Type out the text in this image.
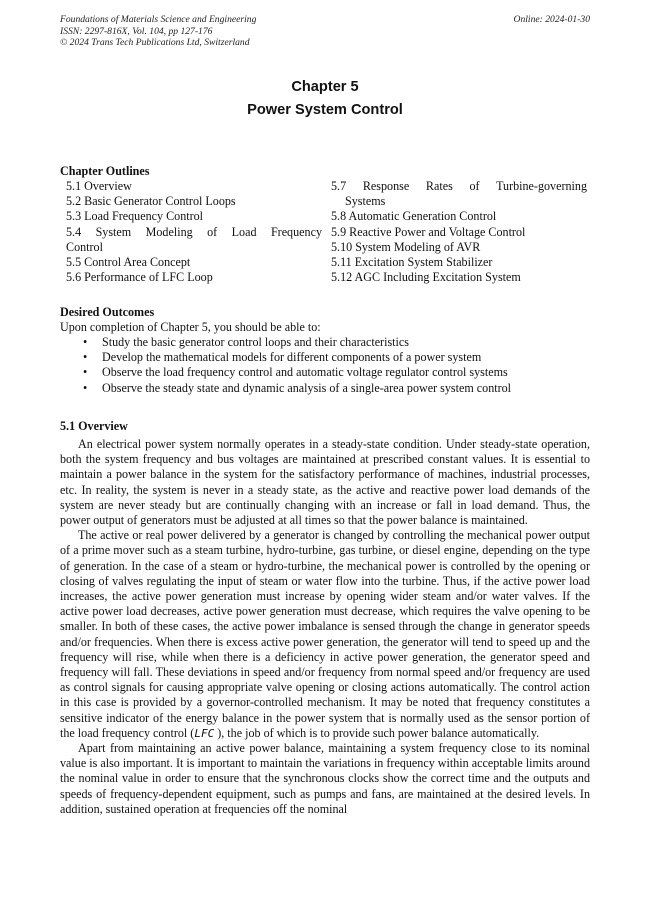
Foundations of Materials Science and Engineering
ISSN: 2297-816X, Vol. 104, pp 127-176
© 2024 Trans Tech Publications Ltd, Switzerland
Online: 2024-01-30
Chapter 5
Power System Control
Chapter Outlines
5.1 Overview
5.2 Basic Generator Control Loops
5.3 Load Frequency Control
5.4 System Modeling of Load Frequency
Control
5.5 Control Area Concept
5.6 Performance of LFC Loop
5.7 Response Rates of Turbine-governing
Systems
5.8 Automatic Generation Control
5.9 Reactive Power and Voltage Control
5.10 System Modeling of AVR
5.11 Excitation System Stabilizer
5.12 AGC Including Excitation System
Desired Outcomes
Upon completion of Chapter 5, you should be able to:
• Study the basic generator control loops and their characteristics
• Develop the mathematical models for different components of a power system
• Observe the load frequency control and automatic voltage regulator control systems
• Observe the steady state and dynamic analysis of a single-area power system control
5.1 Overview

An electrical power system normally operates in a steady-state condition. Under steady-state operation, both the system frequency and bus voltages are maintained at prescribed constant values. It is essential to maintain a power balance in the system for the satisfactory performance of machines, industrial processes, etc. In reality, the system is never in a steady state, as the active and reactive power load demands of the system are never steady but are continually changing with an increase or fall in load demand. Thus, the power output of generators must be adjusted at all times so that the power balance is maintained.

The active or real power delivered by a generator is changed by controlling the mechanical power output of a prime mover such as a steam turbine, hydro-turbine, gas turbine, or diesel engine, depending on the type of generation. In the case of a steam or hydro-turbine, the mechanical power is controlled by the opening or closing of valves regulating the input of steam or water flow into the turbine. Thus, if the active power load increases, the active power generation must increase by opening wider steam and/or water valves. If the active power load decreases, active power generation must decrease, which requires the valve opening to be smaller. In both of these cases, the active power imbalance is sensed through the change in generator speeds and/or frequencies. When there is excess active power generation, the generator will tend to speed up and the frequency will rise, while when there is a deficiency in active power generation, the generator speed and frequency will fall. These deviations in speed and/or frequency from normal speed and/or frequency are used as control signals for causing appropriate valve opening or closing actions automatically. The control action in this case is provided by a governor-controlled mechanism. It may be noted that frequency constitutes a sensitive indicator of the energy balance in the power system that is normally used as the sensor portion of the load frequency control (LFC ), the job of which is to provide such power balance automatically.

Apart from maintaining an active power balance, maintaining a system frequency close to its nominal value is also important. It is important to maintain the variations in frequency within acceptable limits around the nominal value in order to ensure that the synchronous clocks show the correct time and the outputs and speeds of frequency-dependent equipment, such as pumps and fans, are maintained at the desired levels. In addition, sustained operation at frequencies off the nominal
